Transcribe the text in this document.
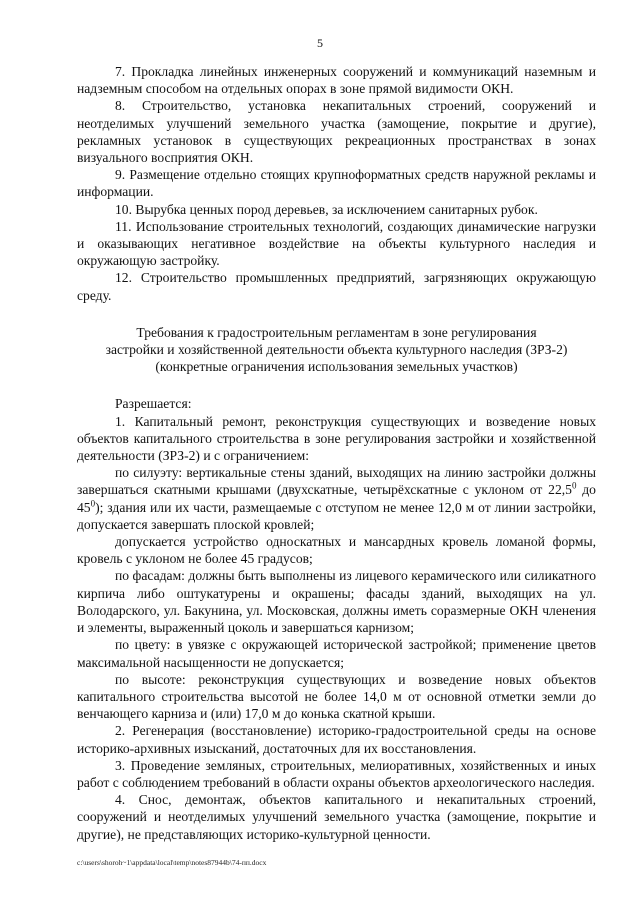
5

7. Прокладка линейных инженерных сооружений и коммуникаций наземным и надземным способом на отдельных опорах в зоне прямой видимости ОКН.

8. Строительство, установка некапитальных строений, сооружений и неотделимых улучшений земельного участка (замощение, покрытие и другие), рекламных установок в существующих рекреационных пространствах в зонах визуального восприятия ОКН.

9. Размещение отдельно стоящих крупноформатных средств наружной рекламы и информации.

10. Вырубка ценных пород деревьев, за исключением санитарных рубок.

11. Использование строительных технологий, создающих динамические нагрузки и оказывающих негативное воздействие на объекты культурного наследия и окружающую застройку.

12. Строительство промышленных предприятий, загрязняющих окружающую среду.

Требования к градостроительным регламентам в зоне регулирования
застройки и хозяйственной деятельности объекта культурного наследия (ЗРЗ-2)
(конкретные ограничения использования земельных участков)

Разрешается:

1. Капитальный ремонт, реконструкция существующих и возведение новых объектов капитального строительства в зоне регулирования застройки и хозяйственной деятельности (ЗРЗ-2) и с ограничением:

по силуэту: вертикальные стены зданий, выходящих на линию застройки должны завершаться скатными крышами (двухскатные, четырёхскатные с уклоном от 22,5$^0$ до $45^0$); здания или их части, размещаемые с отступом не менее 12,0 м от линии застройки, допускается завершать плоской кровлей;

допускается устройство односкатных и мансардных кровель ломаной формы, кровель с уклоном не более 45 градусов;

по фасадам: должны быть выполнены из лицевого керамического или силикатного кирпича либо оштукатурены и окрашены; фасады зданий, выходящих на ул. Володарского, ул. Бакунина, ул. Московская, должны иметь соразмерные ОКН членения и элементы, выраженный цоколь и завершаться карнизом;

по цвету: в увязке с окружающей исторической застройкой; применение цветов максимальной насыщенности не допускается;

по высоте: реконструкция существующих и возведение новых объектов капитального строительства высотой не более 14,0 м от основной отметки земли до венчающего карниза и (или) 17,0 м до конька скатной крыши.

2. Регенерация (восстановление) историко-градостроительной среды на основе историко-архивных изысканий, достаточных для их восстановления.

3. Проведение земляных, строительных, мелиоративных, хозяйственных и иных работ с соблюдением требований в области охраны объектов археологического наследия.

4. Снос, демонтаж, объектов капитального и некапитальных строений, сооружений и неотделимых улучшений земельного участка (замощение, покрытие и другие), не представляющих историко-культурной ценности.

c:\users\shoroh~1\appdata\local\temp\notes87944b\74-пп.docx
